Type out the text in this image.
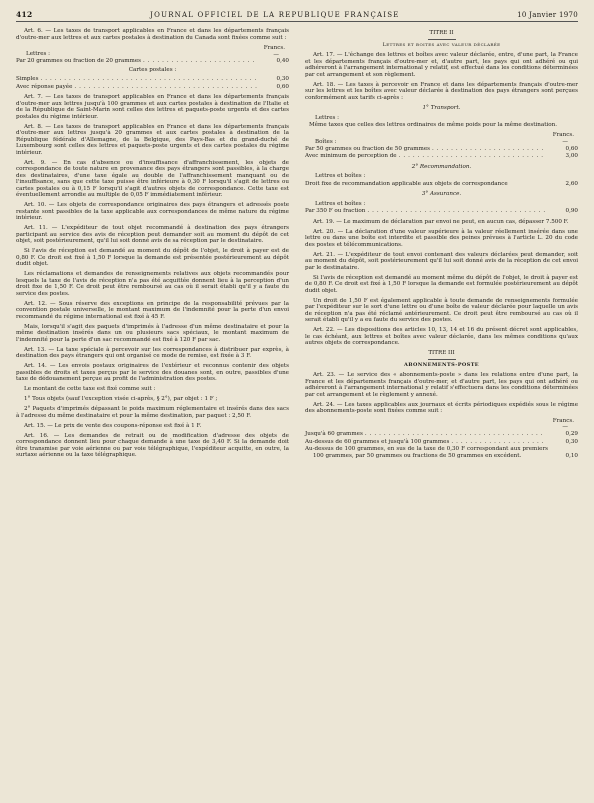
412	JOURNAL OFFICIEL DE LA REPUBLIQUE FRANÇAISE	10 Janvier 1970

Art. 6. — Les taxes de transport applicables en France et dans les départements français d'outre-mer aux lettres et aux cartes postales à destination du Canada sont fixées comme suit :

Francs.

Lettres :	—

Par 20 grammes ou fraction de 20 grammes . . .	0,40

Cartes postales :

Simples . . .	0,30
Avec réponse payée . . .	0,60

Art. 7. — Les taxes de transport applicables en France et dans les départements français d'outre-mer aux lettres jusqu'à 100 grammes et aux cartes postales à destination de l'Italie et de la République de Saint-Marin sont celles des lettres et paquets-poste urgents et des cartes postales du régime intérieur.

Art. 8. — Les taxes de transport applicables en France et dans les départements français d'outre-mer aux lettres jusqu'à 20 grammes et aux cartes postales à destination de la République fédérale d'Allemagne, de la Belgique, des Pays-Bas et du grand-duché de Luxembourg sont celles des lettres et paquets-poste urgents et des cartes postales du régime intérieur.

Art. 9. — En cas d'absence ou d'insuffisance d'affranchissement, les objets de correspondance de toute nature en provenance des pays étrangers sont passibles, à la charge des destinataires, d'une taxe égale au double de l'affranchissement manquant ou de l'insuffisance, sans que cette taxe puisse être inférieure à 0,30 F lorsqu'il s'agit de lettres ou cartes postales ou à 0,15 F lorsqu'il s'agit d'autres objets de correspondance. Cette taxe est éventuellement arrondie au multiple de 0,05 F immédiatement inférieur.

Art. 10. — Les objets de correspondance originaires des pays étrangers et adressés poste restante sont passibles de la taxe applicable aux correspondances de même nature du régime intérieur.

Art. 11. — L'expéditeur de tout objet recommandé à destination des pays étrangers participant au service des avis de réception peut demander soit au moment du dépôt de cet objet, soit postérieurement, qu'il lui soit donné avis de sa réception par le destinataire.

Si l'avis de réception est demandé au moment du dépôt de l'objet, le droit à payer est de 0,80 F. Ce droit est fixé à 1,50 F lorsque la demande est présentée postérieurement au dépôt dudit objet.

Les réclamations et demandes de renseignements relatives aux objets recommandés pour lesquels la taxe de l'avis de réception n'a pas été acquittée donnent lieu à la perception d'un droit fixe de 1,50 F. Ce droit peut être remboursé au cas où il serait établi qu'il y a faute du service des postes.

Art. 12. — Sous réserve des exceptions en principe de la responsabilité prévues par la convention postale universelle, le montant maximum de l'indemnité pour la perte d'un envoi recommandé du régime international est fixé à 45 F.

Mais, lorsqu'il s'agit des paquets d'imprimés à l'adresse d'un même destinataire et pour la même destination insérés dans un ou plusieurs sacs spéciaux, le montant maximum de l'indemnité pour la perte d'un sac recommandé est fixé à 120 F par sac.

Art. 13. — La taxe spéciale à percevoir sur les correspondances à distribuer par exprès, à destination des pays étrangers qui ont organisé ce mode de remise, est fixée à 3 F.

Art. 14. — Les envois postaux originaires de l'extérieur et reconnus contenir des objets passibles de droits et taxes perçus par le service des douanes sont, en outre, passibles d'une taxe de dédouanement perçue au profit de l'administration des postes.

Le montant de cette taxe est fixé comme suit :

1° Tous objets (sauf l'exception visée ci-après, § 2°), par objet : 1 F ;

2° Paquets d'imprimés dépassant le poids maximum réglementaire et insérés dans des sacs à l'adresse du même destinataire et pour la même destination, par paquet : 2,50 F.

Art. 15. — Le prix de vente des coupons-réponse est fixé à 1 F.

Art. 16. — Les demandes de retrait ou de modification d'adresse des objets de correspondance donnent lieu pour chaque demande à une taxe de 3,40 F. Si la demande doit être transmise par voie aérienne ou par voie télégraphique, l'expéditeur acquitte, en outre, la surtaxe aérienne ou la taxe télégraphique.

TITRE II

Lettres et boites avec valeur déclarée

Art. 17. — L'échange des lettres et boîtes avec valeur déclarée, entre, d'une part, la France et les départements français d'outre-mer et, d'autre part, les pays qui ont adhéré ou qui adhéreront à l'arrangement international y relatif, est effectué dans les conditions déterminées par cet arrangement et son règlement.

Art. 18. — Les taxes à percevoir en France et dans les départements français d'outre-mer sur les lettres et les boîtes avec valeur déclarée à destination des pays étrangers sont perçues conformément aux tarifs ci-après :

1° Transport.

Lettres :

Même taxes que celles des lettres ordinaires de même poids pour la même destination.

Francs.

Boîtes :	—

Par 50 grammes ou fraction de 50 grammes . . .	0,60
Avec minimum de perception de . . .	3,00

2° Recommandation.

Lettres et boîtes :

Droit fixe de recommandation applicable aux objets de correspondance	2,60

3° Assurance.

Lettres et boîtes :

Par 350 F ou fraction . . .	0,90

Art. 19. — Le maximum de déclaration par envoi ne peut, en aucun cas, dépasser 7.500 F.

Art. 20. — La déclaration d'une valeur supérieure à la valeur réellement insérée dans une lettre ou dans une boîte est interdite et passible des peines prévues à l'article L. 20 du code des postes et télécommunications.

Art. 21. — L'expéditeur de tout envoi contenant des valeurs déclarées peut demander, soit au moment du dépôt, soit postérieurement qu'il lui soit donné avis de la réception de cet envoi par le destinataire.

Si l'avis de réception est demandé au moment même du dépôt de l'objet, le droit à payer est de 0,80 F. Ce droit est fixé à 1,50 F lorsque la demande est formulée postérieurement au dépôt dudit objet.

Un droit de 1,50 F est également applicable à toute demande de renseignements formulée par l'expéditeur sur le sort d'une lettre ou d'une boîte de valeur déclarée pour laquelle un avis de réception n'a pas été réclamé antérieurement. Ce droit peut être remboursé au cas où il serait établi qu'il y a eu faute du service des postes.

Art. 22. — Les dispositions des articles 10, 13, 14 et 16 du présent décret sont applicables, le cas échéant, aux lettres et boîtes avec valeur déclarée, dans les mêmes conditions qu'aux autres objets de correspondance.

TITRE III

ABONNEMENTS-POSTE

Art. 23. — Le service des « abonnements-poste » dans les relations entre d'une part, la France et les départements français d'outre-mer, et d'autre part, les pays qui ont adhéré ou adhéreront à l'arrangement international y relatif s'effectuera dans les conditions déterminées par cet arrangement et le règlement y annexé.

Art. 24. — Les taxes applicables aux journaux et écrits périodiques expédiés sous le régime des abonnements-poste sont fixées comme suit :

Francs.

—

Jusqu'à 60 grammes . . .	0,29
Au-dessus de 60 grammes et jusqu'à 100 grammes . . .	0,30
Au-dessus de 100 grammes, en sus de la taxe de 0,30 F correspondant aux premiers 100 grammes, par 50 grammes ou fractions de 50 grammes en excédent.	0,10
